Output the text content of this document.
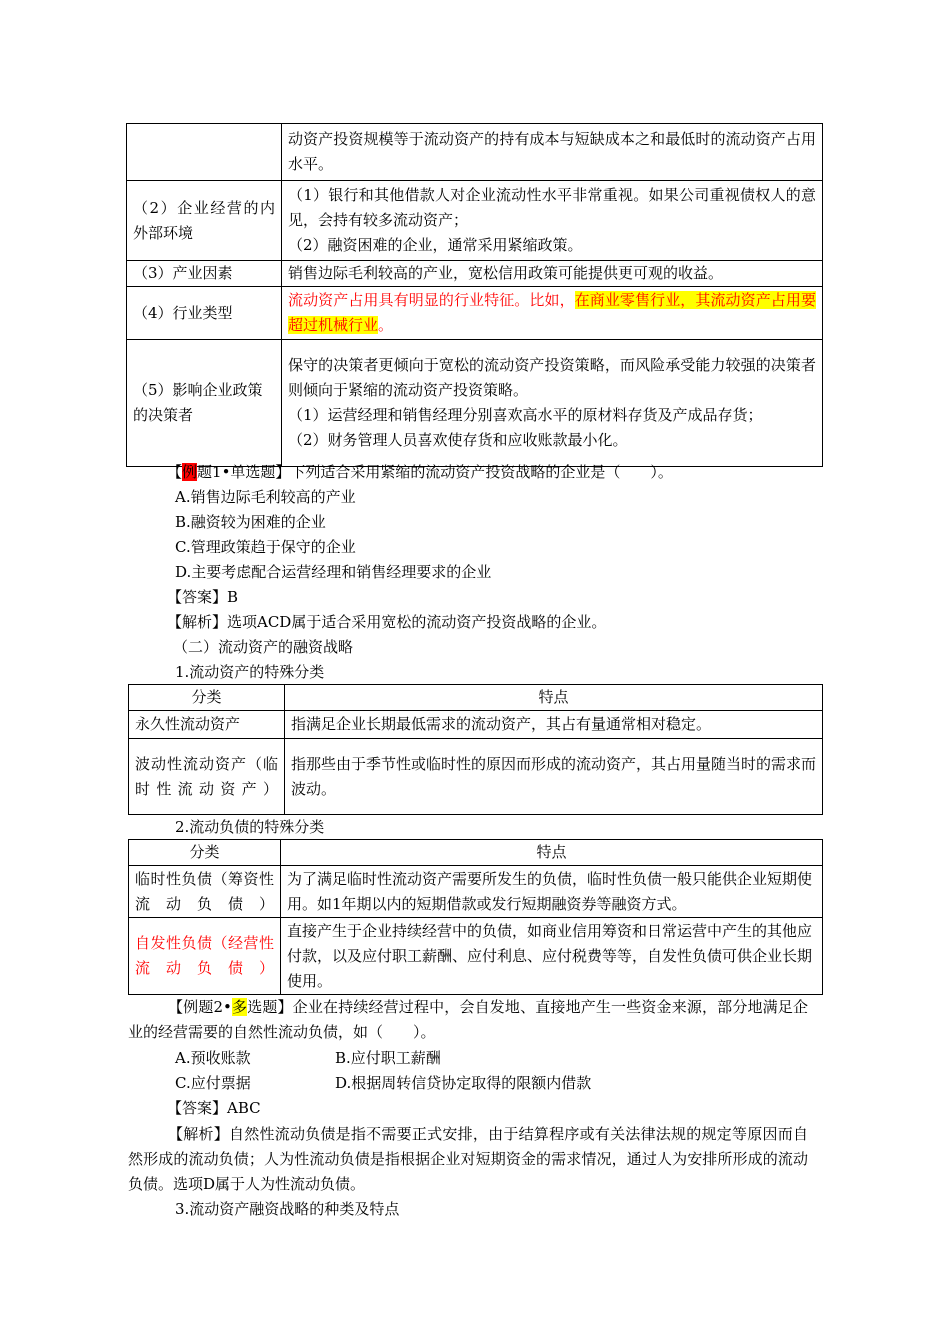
	动资产投资规模等于流动资产的持有成本与短缺成本之和最低时的流动资产占用水平。
（2）企业经营的内外部环境	（1）银行和其他借款人对企业流动性水平非常重视。如果公司重视债权人的意见，会持有较多流动资产；
（2）融资困难的企业，通常采用紧缩政策。

（3）产业因素	销售边际毛利较高的产业，宽松信用政策可能提供更可观的收益。
（4）行业类型	流动资产占用具有明显的行业特征。比如，在商业零售行业，其流动资产占用要超过机械行业。
（5）影响企业政策
的决策者	保守的决策者更倾向于宽松的流动资产投资策略，而风险承受能力较强的决策者则倾向于紧缩的流动资产投资策略。
（1）运营经理和销售经理分别喜欢高水平的原材料存货及产成品存货；
（2）财务管理人员喜欢使存货和应收账款最小化。
【例题1•单选题】下列适合采用紧缩的流动资产投资战略的企业是（　　）。
A.销售边际毛利较高的产业
B.融资较为困难的企业
C.管理政策趋于保守的企业
D.主要考虑配合运营经理和销售经理要求的企业
【答案】B
【解析】选项ACD属于适合采用宽松的流动资产投资战略的企业。
（二）流动资产的融资战略
1.流动资产的特殊分类
分类	特点
永久性流动资产	指满足企业长期最低需求的流动资产，其占有量通常相对稳定。
波动性流动资产（临时性流动资产）	指那些由于季节性或临时性的原因而形成的流动资产，其占用量随当时的需求而波动。
2.流动负债的特殊分类
分类	特点
临时性负债（筹资性流动负债）	为了满足临时性流动资产需要所发生的负债，临时性负债一般只能供企业短期使用。如1年期以内的短期借款或发行短期融资券等融资方式。
自发性负债（经营性流动负债）	直接产生于企业持续经营中的负债，如商业信用筹资和日常运营中产生的其他应付款，以及应付职工薪酬、应付利息、应付税费等等，自发性负债可供企业长期使用。
【例题2•多选题】企业在持续经营过程中，会自发地、直接地产生一些资金来源，部分地满足企业的经营需要的自然性流动负债，如（　　）。
A.预收账款	B.应付职工薪酬
C.应付票据	D.根据周转信贷协定取得的限额内借款
【答案】ABC
【解析】自然性流动负债是指不需要正式安排，由于结算程序或有关法律法规的规定等原因而自然形成的流动负债；人为性流动负债是指根据企业对短期资金的需求情况，通过人为安排所形成的流动负债。选项D属于人为性流动负债。
3.流动资产融资战略的种类及特点
